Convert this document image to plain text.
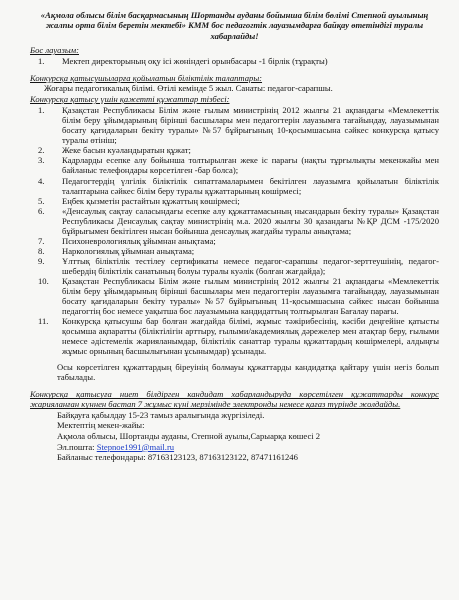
«Ақмола облысы білім басқармасының Шортанды ауданы бойынша білім бөлімі Степной ауылының жалпы орта білім беретін мектебі» КММ бос педагогтік лауазымдарға байқау өтетіндігі туралы хабарлайды!

Бос лауазым:

1.	Мектеп директорының оқу ісі жөніндегі орынбасары -1 бірлік (тұрақты)

Конкурсқа қатысушыларға қойылатын біліктілік талаптары:

Жоғары педагогикалық білімі. Өтілі кемінде 5 жыл. Санаты: педагог-сарапшы.

Конкурсқа қатысу үшін қажетті құжаттар тізбесі:

1.	Қазақстан Республикасы Білім және ғылым министрінің 2012 жылғы 21 ақпандағы «Мемлекеттік білім беру ұйымдарының бірінші басшылары мен педагогтерін лауазымға тағайындау, лауазымынан босату қағидаларын бекіту туралы» №57 бұйрығының 10-қосымшасына сәйкес конкурсқа қатысу туралы өтініш;
2.	Жеке басын куәландыратын құжат;
3.	Кадрларды есепке алу бойынша толтырылған жеке іс парағы (нақты тұрғылықты мекенжайы мен байланыс телефондары көрсетілген -бар болса);
4.	Педагогтердің үлгілік біліктілік сипаттамаларымен бекітілген лауазымға қойылатын біліктілік талаптарына сәйкес білім беру туралы құжаттарының көшірмесі;
5.	Еңбек қызметін растайтын құжаттың көшірмесі;
6.	«Денсаулық сақтау саласындағы есепке алу құжаттамасының нысандарын бекіту туралы» Қазақстан Республикасы Денсаулық сақтау министрінің м.а. 2020 жылғы 30 қазандағы №ҚР ДСМ -175/2020 бұйрығымен бекітілген нысан бойынша денсаулық жағдайы туралы анықтама;
7.	Психоневрологиялық ұйымнан анықтама;
8.	Наркологиялық ұйымнан анықтама;
9.	Ұлттық біліктілік тестілеу сертификаты немесе педагог-сарапшы педагог-зерттеушінің, педагог-шебердің біліктілік санатының болуы туралы куәлік (болған жағдайда);
10.	Қазақстан Республикасы Білім және ғылым министрінің 2012 жылғы 21 ақпандағы «Мемлекеттік білім беру ұйымдарының бірінші басшылары мен педагогтерін лауазымға тағайындау, лауазымынан босату қағидаларын бекіту туралы» №57 бұйрығының 11-қосымшасына сәйкес нысан бойынша педагогтің бос немесе уақытша бос лауазымына кандидаттың толтырылған Бағалау парағы.
11.	Конкурсқа қатысушы бар болған жағдайда білімі, жұмыс тәжірибесінің, кәсіби деңгейіне қатысты қосымша ақпаратты (біліктілігін арттыру, ғылыми/академиялық дәрежелер мен атақтар беру, ғылыми немесе әдістемелік жарияланымдар, біліктілік санаттар туралы құжаттардың көшірмелері, алдыңғы жұмыс орнының басшылығынан ұсынымдар) ұсынады.

Осы көрсетілген құжаттардың біреуінің болмауы құжаттарды кандидатқа қайтару үшін негіз болып табылады.

Конкурсқа қатысуға ниет білдірген кандидат хабарландыруда көрсетілген құжаттарды конкурс жарияланған күннен бастап 7 жұмыс күні мерзімінде электронды немесе қағаз түрінде жолдайды.

Байқауға қабылдау 15-23 тамыз аралығында жүргізіледі.

Мектептің мекен-жайы:

Ақмола облысы, Шортанды ауданы, Степной ауылы,Сарыарқа көшесі 2

Эл.пошта: Stepnoe1991@mail.ru

Байланыс телефондары: 87163123123, 87163123122, 87471161246
